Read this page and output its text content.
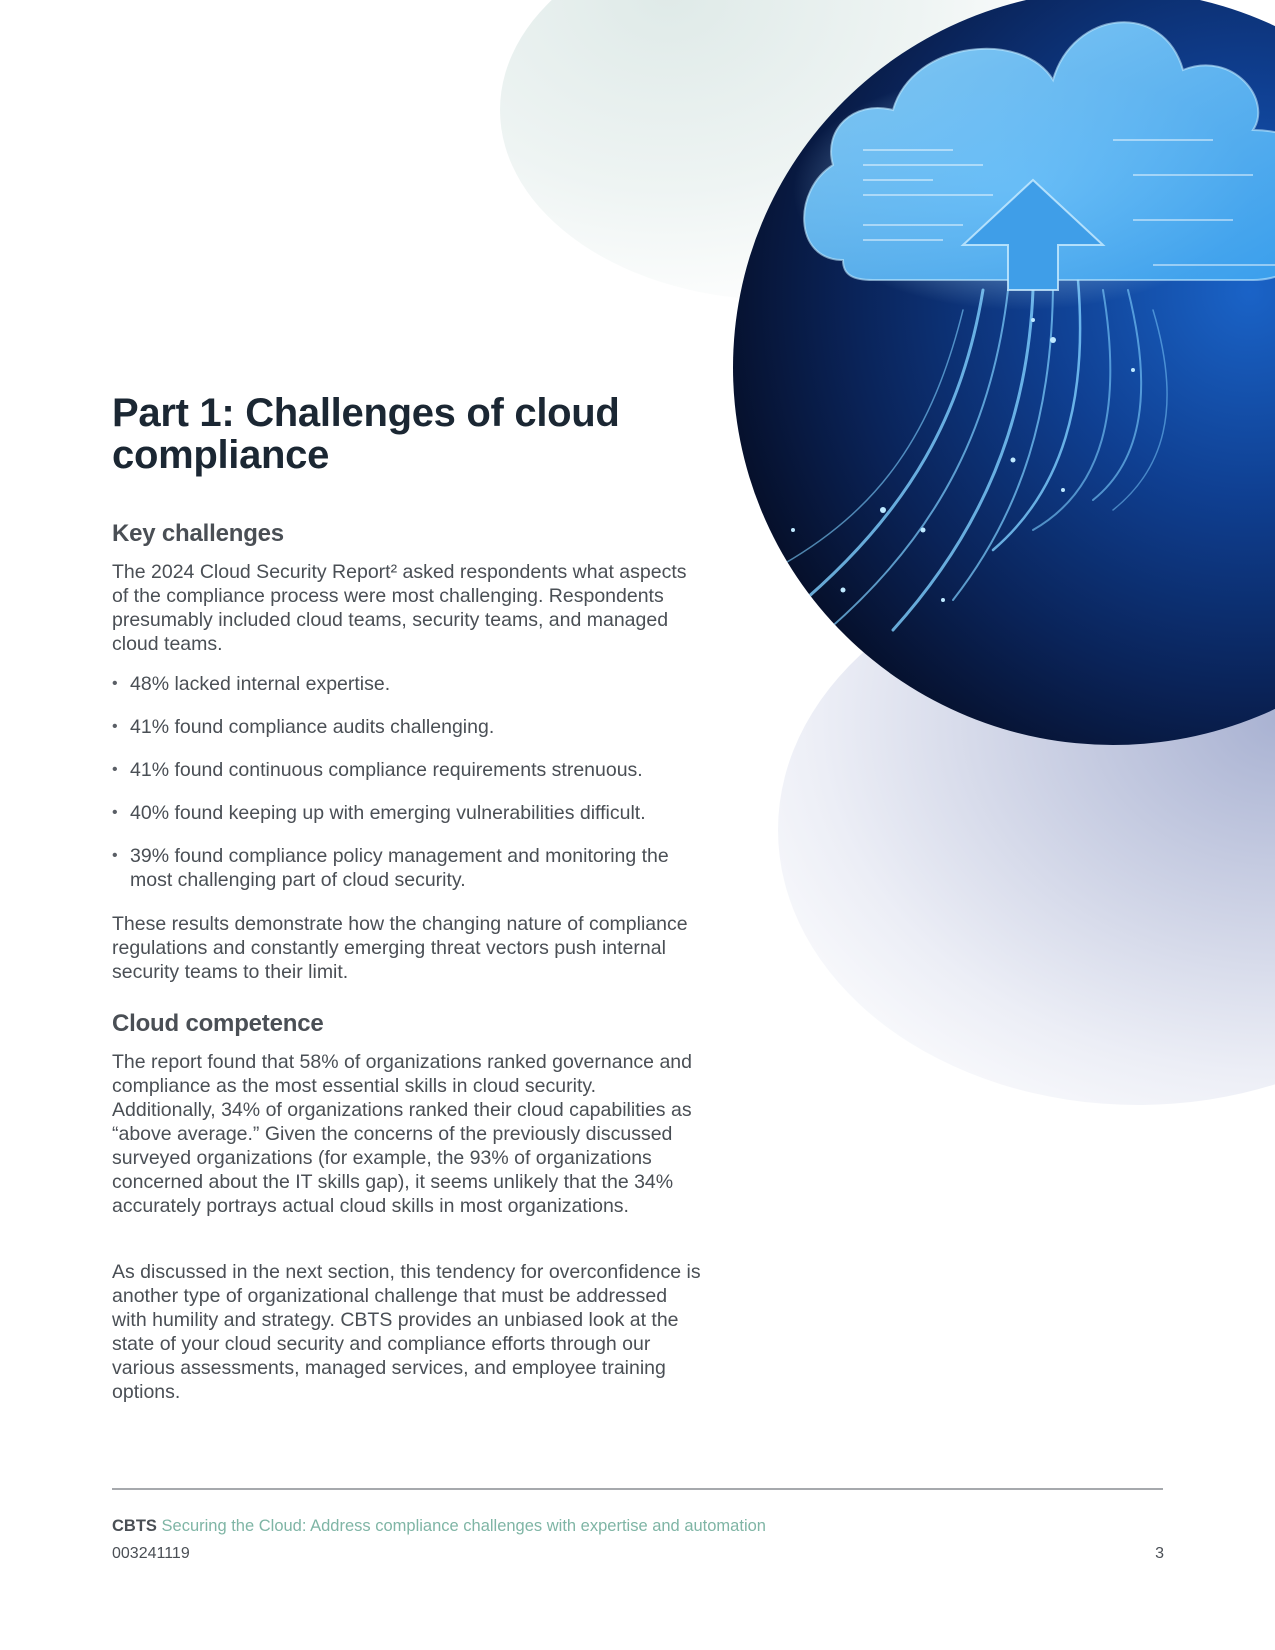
Part 1: Challenges of cloud compliance
Key challenges

The 2024 Cloud Security Report² asked respondents what aspects of the compliance process were most challenging. Respondents presumably included cloud teams, security teams, and managed cloud teams.

• 48% lacked internal expertise.
• 41% found compliance audits challenging.
• 41% found continuous compliance requirements strenuous.
• 40% found keeping up with emerging vulnerabilities difficult.
• 39% found compliance policy management and monitoring the most challenging part of cloud security.

These results demonstrate how the changing nature of compliance regulations and constantly emerging threat vectors push internal security teams to their limit.

Cloud competence

The report found that 58% of organizations ranked governance and compliance as the most essential skills in cloud security. Additionally, 34% of organizations ranked their cloud capabilities as “above average.” Given the concerns of the previously discussed surveyed organizations (for example, the 93% of organizations concerned about the IT skills gap), it seems unlikely that the 34% accurately portrays actual cloud skills in most organizations.

As discussed in the next section, this tendency for overconfidence is another type of organizational challenge that must be addressed with humility and strategy. CBTS provides an unbiased look at the state of your cloud security and compliance efforts through our various assessments, managed services, and employee training options.

CBTS Securing the Cloud: Address compliance challenges with expertise and automation
003241119	3
